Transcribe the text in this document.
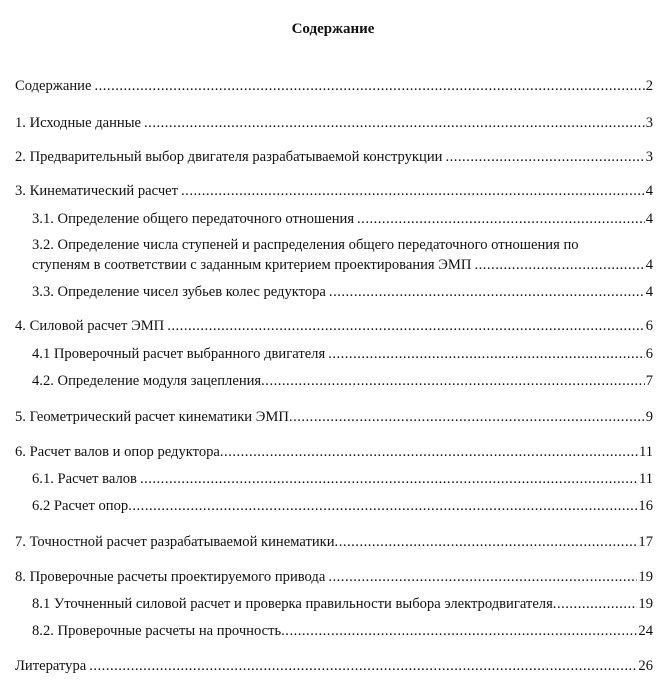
Содержание
Содержание .....	2
1. Исходные данные .....	3
2. Предварительный выбор двигателя разрабатываемой конструкции .....	3
3. Кинематический расчет .....	4
3.1. Определение общего передаточного отношения .....	4
3.2. Определение числа ступеней и распределения общего передаточного отношения по
ступеням в соответствии с заданным критерием проектирования ЭМП .....	4
3.3. Определение чисел зубьев колес редуктора .....	4
4. Силовой расчет ЭМП .....	6
4.1 Проверочный расчет выбранного двигателя .....	6
4.2. Определение модуля зацепления .....	7
5. Геометрический расчет кинематики ЭМП .....	9
6. Расчет валов и опор редуктора .....	11
6.1. Расчет валов .....	11
6.2 Расчет опор .....	16
7. Точностной расчет разрабатываемой кинематики .....	17
8. Проверочные расчеты проектируемого привода .....	19
8.1 Уточненный силовой расчет и проверка правильности выбора электродвигателя .....	19
8.2. Проверочные расчеты на прочность .....	24
Литература .....	26
